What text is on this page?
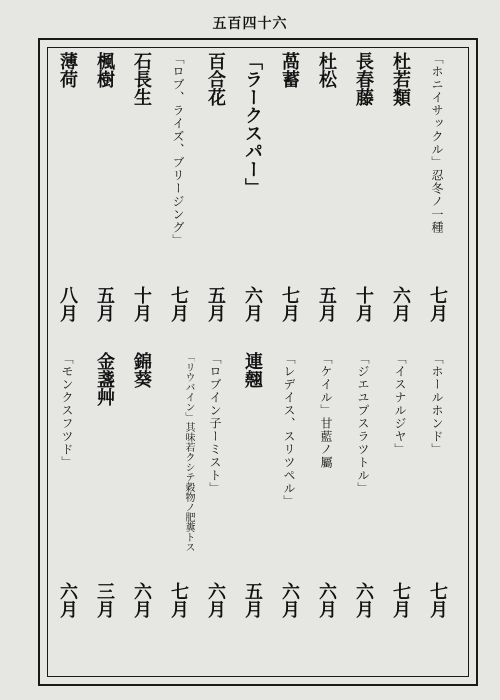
五百四十六
「ホニイサックル」忍冬ノ一種
七月
「ホールホンド」
七月
杜若類
六月
「イスナルジヤ」
七月
長春藤
十月
「ジエユプスラツトル」
六月
杜松
五月
「ケイル」甘藍ノ屬
六月
萵蓄
七月
「レデイス、スリツペル」
六月
「ラークスパー」
六月
連翹
五月
百合花
五月
「ロブイン子ーミスト」
六月
「ロブ、ライズ、ブリージング」
七月
「リウバイン」其味若クシテ穀物ノ肥糞トス
七月
石長生
十月
錦葵
六月
楓樹
五月
金盞艸
三月
薄荷
八月
「モンクスフツド」
六月
